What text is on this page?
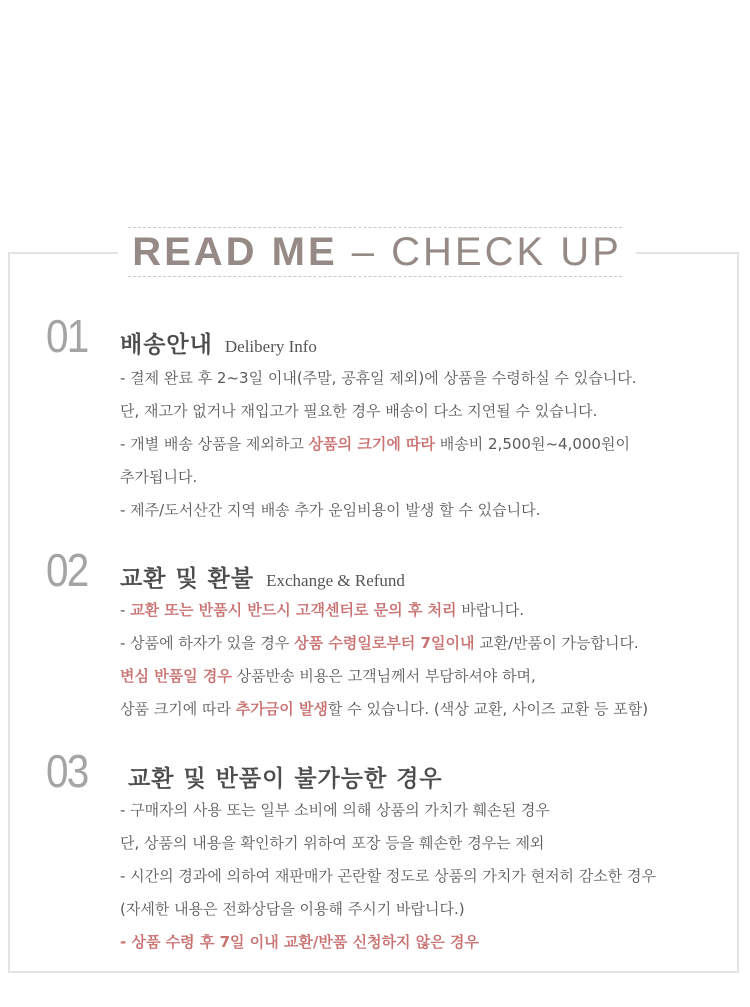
READ ME – CHECK UP
01 배송안내 Delibery Info
- 결제 완료 후 2~3일 이내(주말, 공휴일 제외)에 상품을 수령하실 수 있습니다.
단, 재고가 없거나 재입고가 필요한 경우 배송이 다소 지연될 수 있습니다.
- 개별 배송 상품을 제외하고 상품의 크기에 따라 배송비 2,500원~4,000원이
추가됩니다.
- 제주/도서산간 지역 배송 추가 운임비용이 발생 할 수 있습니다.
02 교환 및 환불 Exchange & Refund
- 교환 또는 반품시 반드시 고객센터로 문의 후 처리 바랍니다.
- 상품에 하자가 있을 경우 상품 수령일로부터 7일이내 교환/반품이 가능합니다.
변심 반품일 경우 상품반송 비용은 고객님께서 부담하셔야 하며,
상품 크기에 따라 추가금이 발생할 수 있습니다. (색상 교환, 사이즈 교환 등 포함)
03 교환 및 반품이 불가능한 경우
- 구매자의 사용 또는 일부 소비에 의해 상품의 가치가 훼손된 경우
단, 상품의 내용을 확인하기 위하여 포장 등을 훼손한 경우는 제외
- 시간의 경과에 의하여 재판매가 곤란할 정도로 상품의 가치가 현저히 감소한 경우
(자세한 내용은 전화상담을 이용해 주시기 바랍니다.)
- 상품 수령 후 7일 이내 교환/반품 신청하지 않은 경우
